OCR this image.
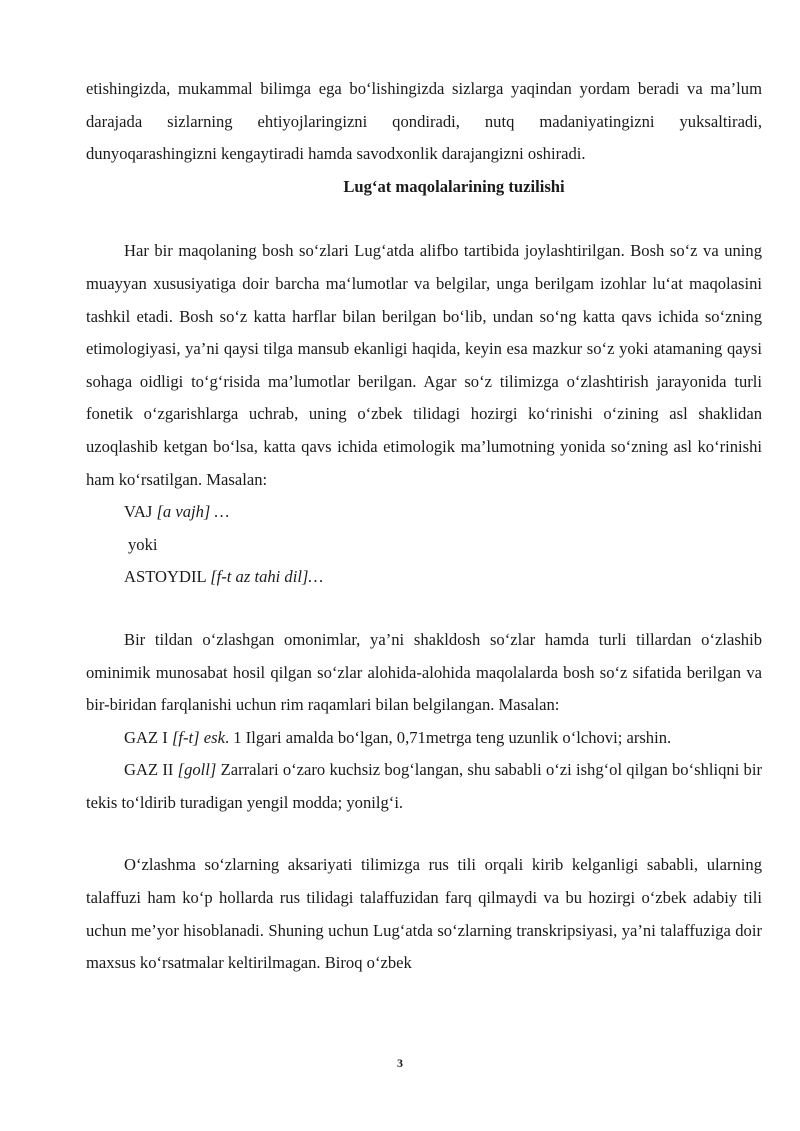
etishingizda, mukammal bilimga ega bo‘lishingizda sizlarga yaqindan yordam beradi va ma’lum darajada sizlarning ehtiyojlaringizni qondiradi, nutq madaniyatingizni yuksaltiradi, dunyoqarashingizni kengaytiradi hamda savodxonlik darajangizni oshiradi.

Lug‘at maqolalarining tuzilishi

Har bir maqolaning bosh so‘zlari Lug‘atda alifbo tartibida joylashtirilgan. Bosh so‘z va uning muayyan xususiyatiga doir barcha ma‘lumotlar va belgilar, unga berilgam izohlar lu‘at maqolasini tashkil etadi. Bosh so‘z katta harflar bilan berilgan bo‘lib, undan so‘ng katta qavs ichida so‘zning etimologiyasi, ya’ni qaysi tilga mansub ekanligi haqida, keyin esa mazkur so‘z yoki atamaning qaysi sohaga oidligi to‘g‘risida ma’lumotlar berilgan. Agar so‘z tilimizga o‘zlashtirish jarayonida turli fonetik o‘zgarishlarga uchrab, uning o‘zbek tilidagi hozirgi ko‘rinishi o‘zining asl shaklidan uzoqlashib ketgan bo‘lsa, katta qavs ichida etimologik ma’lumotning yonida so‘zning asl ko‘rinishi ham ko‘rsatilgan. Masalan:

VAJ [a vajh] …

yoki

ASTOYDIL [f-t az tahi dil]…

Bir tildan o‘zlashgan omonimlar, ya’ni shakldosh so‘zlar hamda turli tillardan o‘zlashib ominimik munosabat hosil qilgan so‘zlar alohida-alohida maqolalarda bosh so‘z sifatida berilgan va bir-biridan farqlanishi uchun rim raqamlari bilan belgilangan. Masalan:

GAZ I [f-t] esk. 1 Ilgari amalda bo‘lgan, 0,71metrga teng uzunlik o‘lchovi; arshin.

GAZ II [goll] Zarralari o‘zaro kuchsiz bog‘langan, shu sababli o‘zi ishg‘ol qilgan bo‘shliqni bir tekis to‘ldirib turadigan yengil modda; yonilg‘i.

O‘zlashma so‘zlarning aksariyati tilimizga rus tili orqali kirib kelganligi sababli, ularning talaffuzi ham ko‘p hollarda rus tilidagi talaffuzidan farq qilmaydi va bu hozirgi o‘zbek adabiy tili uchun me’yor hisoblanadi. Shuning uchun Lug‘atda so‘zlarning transkripsiyasi, ya’ni talaffuziga doir maxsus ko‘rsatmalar keltirilmagan. Biroq o‘zbek

3
